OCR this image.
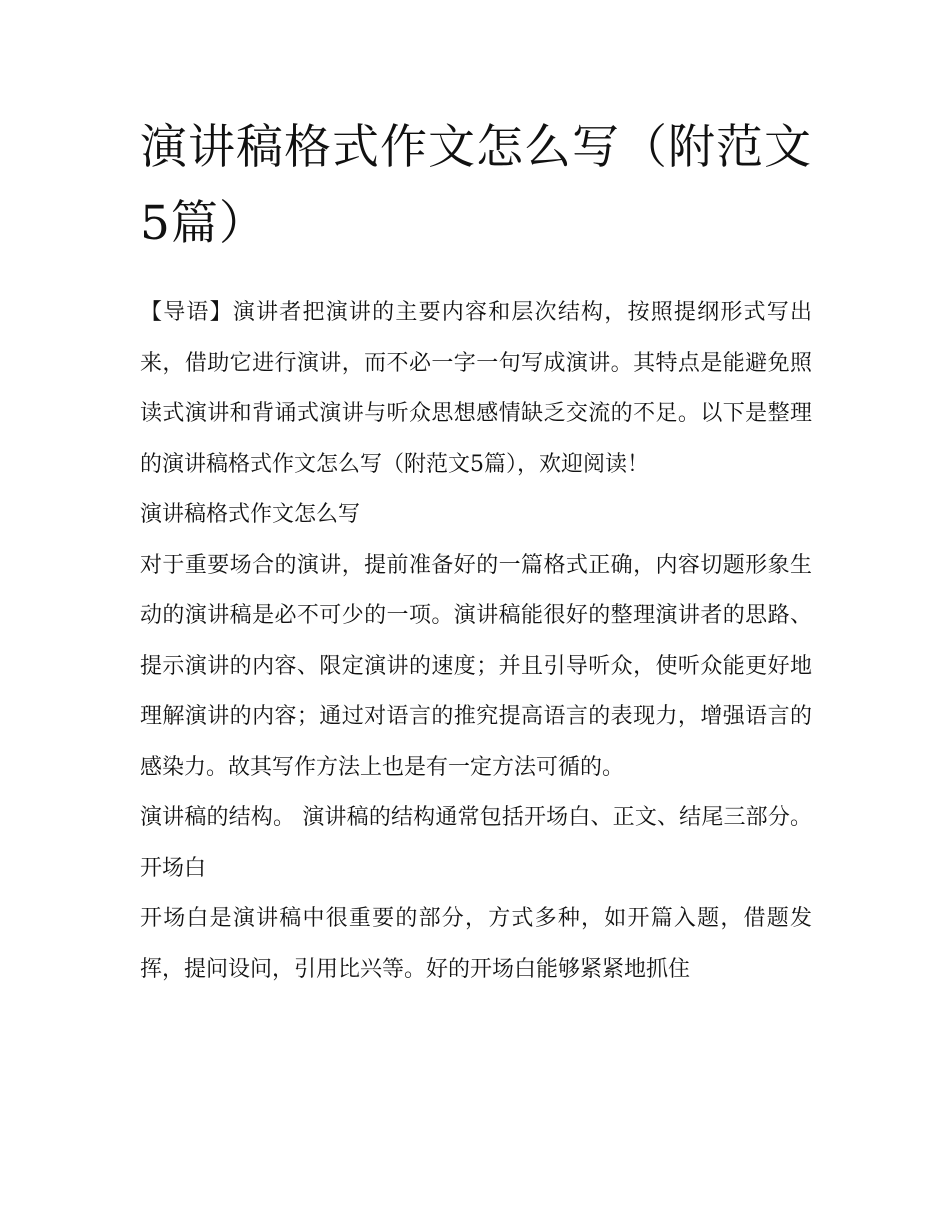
演讲稿格式作文怎么写（附范文5篇）

【导语】演讲者把演讲的主要内容和层次结构，按照提纲形式写出来，借助它进行演讲，而不必一字一句写成演讲。其特点是能避免照读式演讲和背诵式演讲与听众思想感情缺乏交流的不足。以下是整理的演讲稿格式作文怎么写（附范文5篇），欢迎阅读！

演讲稿格式作文怎么写

对于重要场合的演讲，提前准备好的一篇格式正确，内容切题形象生动的演讲稿是必不可少的一项。演讲稿能很好的整理演讲者的思路、提示演讲的内容、限定演讲的速度；并且引导听众，使听众能更好地理解演讲的内容；通过对语言的推究提高语言的表现力，增强语言的感染力。故其写作方法上也是有一定方法可循的。

演讲稿的结构。 演讲稿的结构通常包括开场白、正文、结尾三部分。 开场白

开场白是演讲稿中很重要的部分，方式多种，如开篇入题，借题发挥，提问设问，引用比兴等。好的开场白能够紧紧地抓住
